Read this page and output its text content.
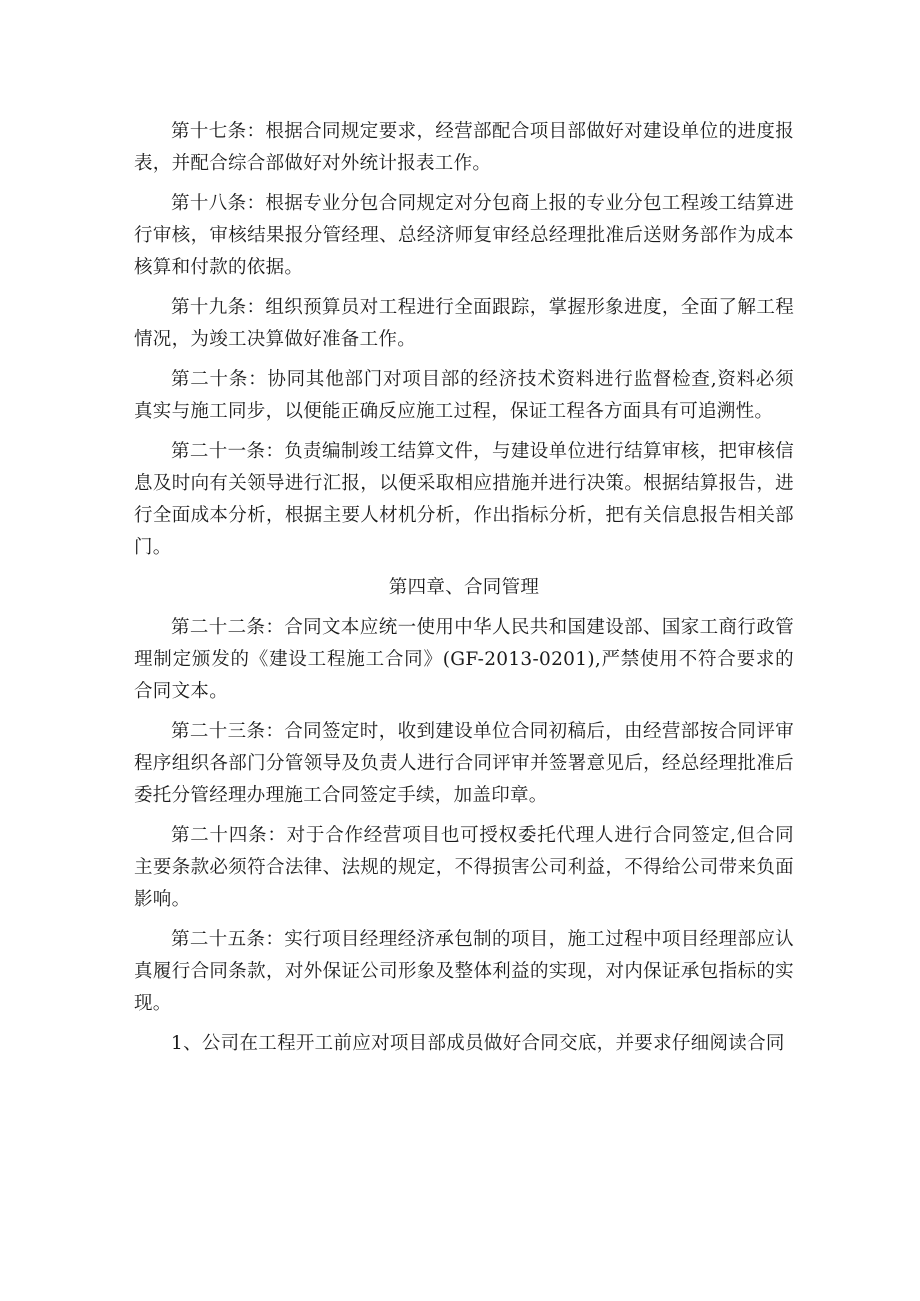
第十七条：根据合同规定要求，经营部配合项目部做好对建设单位的进度报表，并配合综合部做好对外统计报表工作。

第十八条：根据专业分包合同规定对分包商上报的专业分包工程竣工结算进行审核，审核结果报分管经理、总经济师复审经总经理批准后送财务部作为成本核算和付款的依据。

第十九条：组织预算员对工程进行全面跟踪，掌握形象进度，全面了解工程情况，为竣工决算做好准备工作。

第二十条：协同其他部门对项目部的经济技术资料进行监督检查,资料必须真实与施工同步，以便能正确反应施工过程，保证工程各方面具有可追溯性。

第二十一条：负责编制竣工结算文件，与建设单位进行结算审核，把审核信息及时向有关领导进行汇报，以便采取相应措施并进行决策。根据结算报告，进行全面成本分析，根据主要人材机分析，作出指标分析，把有关信息报告相关部门。

第四章、合同管理

第二十二条：合同文本应统一使用中华人民共和国建设部、国家工商行政管理制定颁发的《建设工程施工合同》(GF-2013-0201),严禁使用不符合要求的合同文本。

第二十三条：合同签定时，收到建设单位合同初稿后，由经营部按合同评审程序组织各部门分管领导及负责人进行合同评审并签署意见后，经总经理批准后委托分管经理办理施工合同签定手续，加盖印章。

第二十四条：对于合作经营项目也可授权委托代理人进行合同签定,但合同主要条款必须符合法律、法规的规定，不得损害公司利益，不得给公司带来负面影响。

第二十五条：实行项目经理经济承包制的项目，施工过程中项目经理部应认真履行合同条款，对外保证公司形象及整体利益的实现，对内保证承包指标的实现。

1、公司在工程开工前应对项目部成员做好合同交底，并要求仔细阅读合同
